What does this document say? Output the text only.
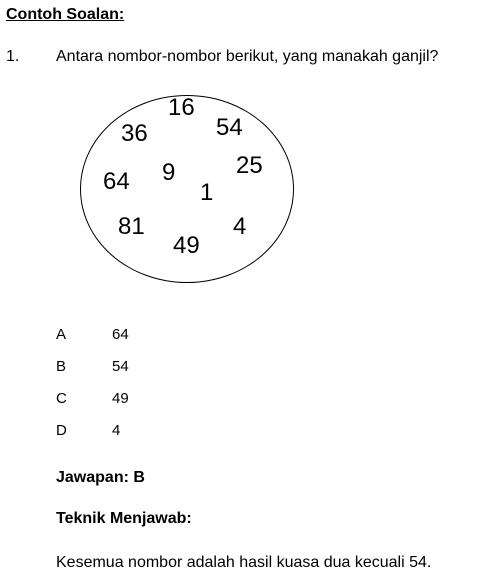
Contoh Soalan:
1. Antara nombor-nombor berikut, yang manakah ganjil?
16
36	54
25
64 9
1
81	4
49
A	64
B	54
C	49
D	4
Jawapan: B
Teknik Menjawab:
Kesemua nombor adalah hasil kuasa dua kecuali 54.
